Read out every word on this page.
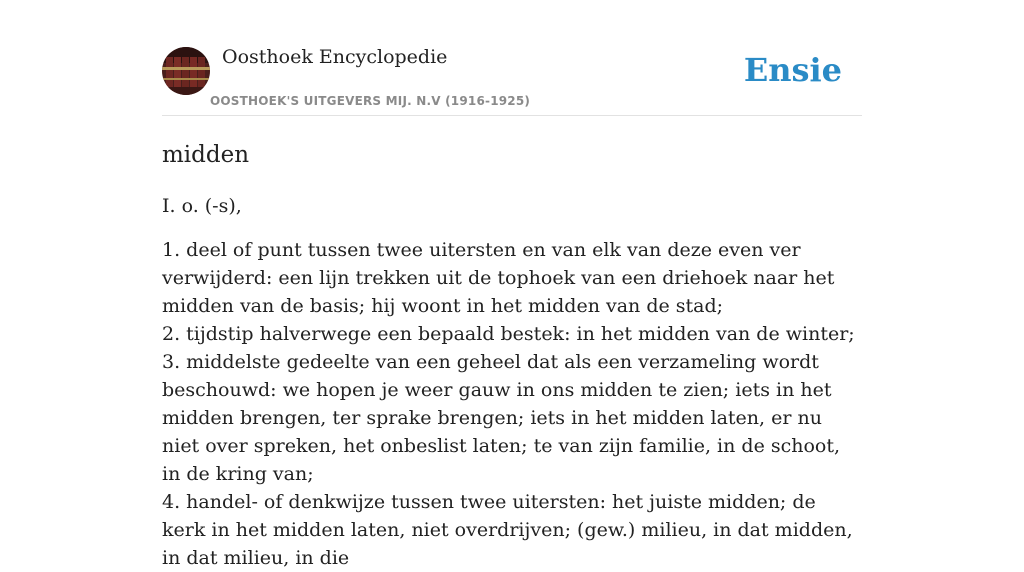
Oosthoek Encyclopedie
OOSTHOEK'S UITGEVERS MIJ. N.V (1916-1925)
Ensie
midden

I. o. (-s),

1. deel of punt tussen twee uitersten en van elk van deze even ver verwijderd: een lijn trekken uit de tophoek van een driehoek naar het midden van de basis; hij woont in het midden van de stad;

2. tijdstip halverwege een bepaald bestek: in het midden van de winter;

3. middelste gedeelte van een geheel dat als een verzameling wordt beschouwd: we hopen je weer gauw in ons midden te zien; iets in het midden brengen, ter sprake brengen; iets in het midden laten, er nu niet over spreken, het onbeslist laten; te van zijn familie, in de schoot, in de kring van;

4. handel- of denkwijze tussen twee uitersten: het juiste midden; de kerk in het midden laten, niet overdrijven; (gew.) milieu, in dat midden, in dat milieu, in die
